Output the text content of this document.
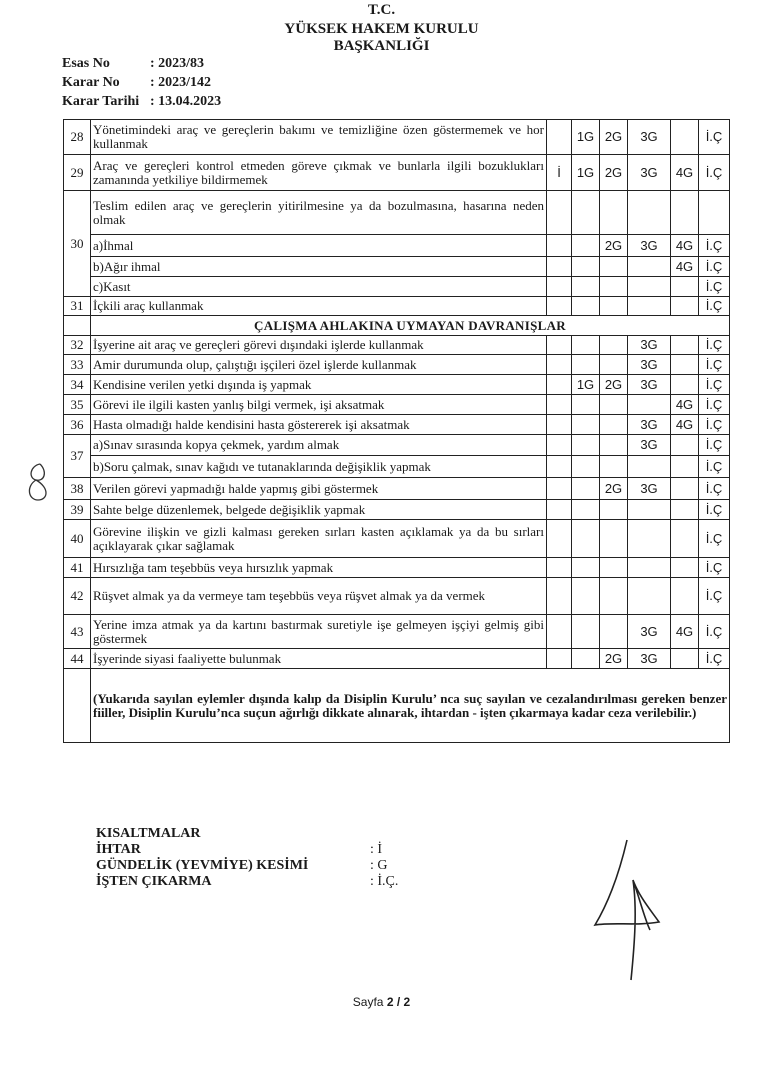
T.C.
YÜKSEK HAKEM KURULU
BAŞKANLIĞI
Esas No	: 2023/83
Karar No	: 2023/142
Karar Tarihi	: 13.04.2023
28	Yönetimindeki araç ve gereçlerin bakımı ve temizliğine özen göstermemek ve hor kullanmak		1G	2G	3G		İ.Ç
29	Araç ve gereçleri kontrol etmeden göreve çıkmak ve bunlarla ilgili bozuklukları zamanında yetkiliye bildirmemek	İ	1G	2G	3G	4G	İ.Ç
30	Teslim edilen araç ve gereçlerin yitirilmesine ya da bozulmasına, hasarına neden olmak						
	a)İhmal			2G	3G	4G	İ.Ç
	b)Ağır ihmal					4G	İ.Ç
	c)Kasıt						İ.Ç
31	İçkili araç kullanmak						İ.Ç
	ÇALIŞMA AHLAKINA UYMAYAN DAVRANIŞLAR						
32	İşyerine ait araç ve gereçleri görevi dışındaki işlerde kullanmak				3G		İ.Ç
33	Amir durumunda olup, çalıştığı işçileri özel işlerde kullanmak				3G		İ.Ç
34	Kendisine verilen yetki dışında iş yapmak		1G	2G	3G		İ.Ç
35	Görevi ile ilgili kasten yanlış bilgi vermek, işi aksatmak					4G	İ.Ç
36	Hasta olmadığı halde kendisini hasta göstererek işi aksatmak				3G	4G	İ.Ç
37	a)Sınav sırasında kopya çekmek, yardım almak				3G		İ.Ç
	b)Soru çalmak, sınav kağıdı ve tutanaklarında değişiklik yapmak						İ.Ç
38	Verilen görevi yapmadığı halde yapmış gibi göstermek			2G	3G		İ.Ç
39	Sahte belge düzenlemek, belgede değişiklik yapmak						İ.Ç
40	Görevine ilişkin ve gizli kalması gereken sırları kasten açıklamak ya da bu sırları açıklayarak çıkar sağlamak						İ.Ç
41	Hırsızlığa tam teşebbüs veya hırsızlık yapmak						İ.Ç
42	Rüşvet almak ya da vermeye tam teşebbüs veya rüşvet almak ya da vermek						İ.Ç
43	Yerine imza atmak ya da kartını bastırmak suretiyle işe gelmeyen işçiyi gelmiş gibi göstermek				3G	4G	İ.Ç
44	İşyerinde siyasi faaliyette bulunmak			2G	3G		İ.Ç
	(Yukarıda sayılan eylemler dışında kalıp da Disiplin Kurulu’ nca suç sayılan ve cezalandırılması gereken benzer fiiller, Disiplin Kurulu’nca suçun ağırlığı dikkate alınarak, ihtardan - işten çıkarmaya kadar ceza verilebilir.)						
KISALTMALAR
İHTAR	: İ
GÜNDELİK (YEVMİYE) KESİMİ	: G
İŞTEN ÇIKARMA	: İ.Ç.
Sayfa 2 / 2
